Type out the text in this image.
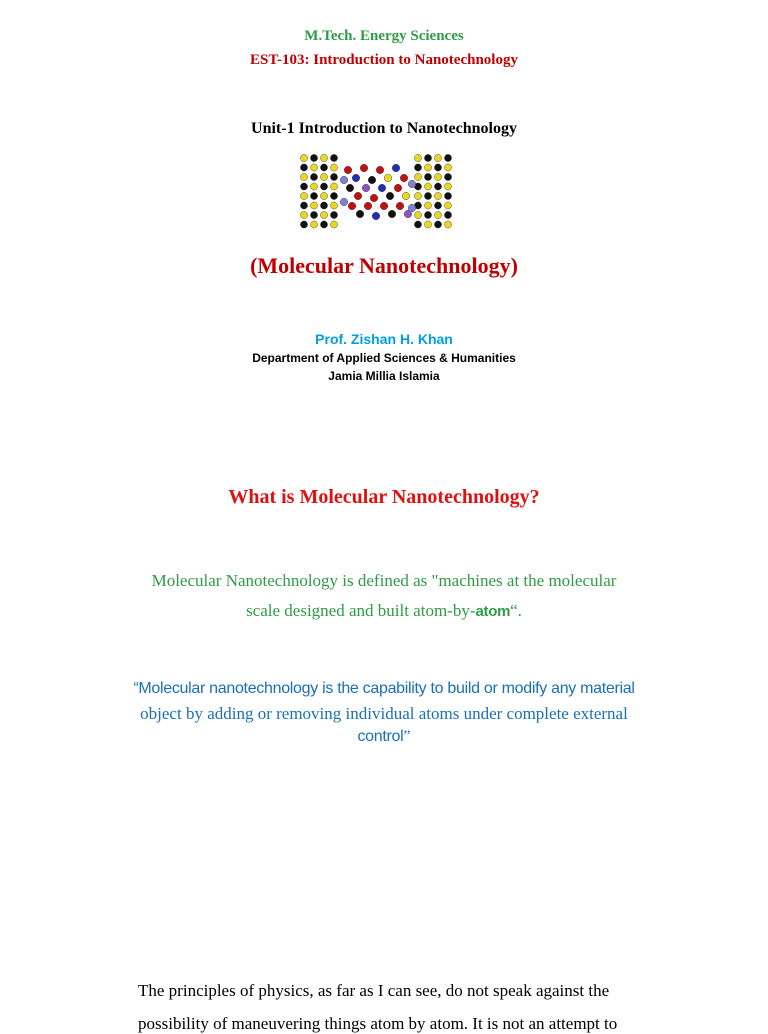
M.Tech. Energy Sciences
EST-103: Introduction to Nanotechnology
Unit-1 Introduction to Nanotechnology
(Molecular Nanotechnology)
Prof. Zishan H. Khan
Department of Applied Sciences & Humanities
Jamia Millia Islamia
What is Molecular Nanotechnology?
Molecular Nanotechnology is defined as "machines at the molecular
scale designed and built atom-by-atom“.
“Molecular nanotechnology is the capability to build or modify any material
object by adding or removing individual atoms under complete external
control”
The principles of physics, as far as I can see, do not speak against the
possibility of maneuvering things atom by atom. It is not an attempt to
